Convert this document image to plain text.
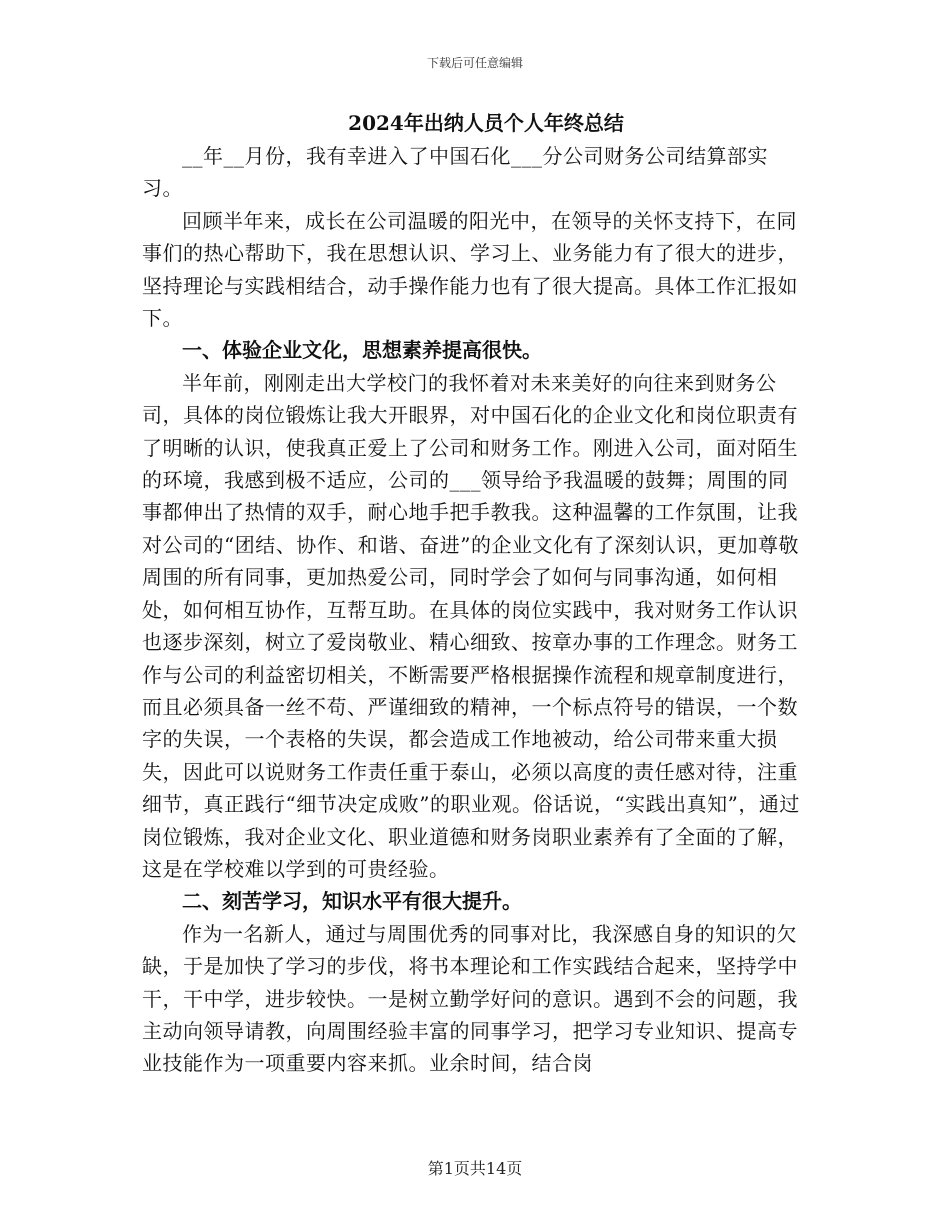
下载后可任意编辑
2024年出纳人员个人年终总结

__年__月份，我有幸进入了中国石化___分公司财务公司结算部实习。

回顾半年来，成长在公司温暖的阳光中，在领导的关怀支持下，在同事们的热心帮助下，我在思想认识、学习上、业务能力有了很大的进步，坚持理论与实践相结合，动手操作能力也有了很大提高。具体工作汇报如下。

一、体验企业文化，思想素养提高很快。

半年前，刚刚走出大学校门的我怀着对未来美好的向往来到财务公司，具体的岗位锻炼让我大开眼界，对中国石化的企业文化和岗位职责有了明晰的认识，使我真正爱上了公司和财务工作。刚进入公司，面对陌生的环境，我感到极不适应，公司的___领导给予我温暖的鼓舞；周围的同事都伸出了热情的双手，耐心地手把手教我。这种温馨的工作氛围，让我对公司的“团结、协作、和谐、奋进”的企业文化有了深刻认识，更加尊敬周围的所有同事，更加热爱公司，同时学会了如何与同事沟通，如何相处，如何相互协作，互帮互助。在具体的岗位实践中，我对财务工作认识也逐步深刻，树立了爱岗敬业、精心细致、按章办事的工作理念。财务工作与公司的利益密切相关，不断需要严格根据操作流程和规章制度进行，而且必须具备一丝不苟、严谨细致的精神，一个标点符号的错误，一个数字的失误，一个表格的失误，都会造成工作地被动，给公司带来重大损失，因此可以说财务工作责任重于泰山，必须以高度的责任感对待，注重细节，真正践行“细节决定成败”的职业观。俗话说，“实践出真知”，通过岗位锻炼，我对企业文化、职业道德和财务岗职业素养有了全面的了解，这是在学校难以学到的可贵经验。

二、刻苦学习，知识水平有很大提升。

作为一名新人，通过与周围优秀的同事对比，我深感自身的知识的欠缺，于是加快了学习的步伐，将书本理论和工作实践结合起来，坚持学中干，干中学，进步较快。一是树立勤学好问的意识。遇到不会的问题，我主动向领导请教，向周围经验丰富的同事学习，把学习专业知识、提高专业技能作为一项重要内容来抓。业余时间，结合岗

第1页共14页
